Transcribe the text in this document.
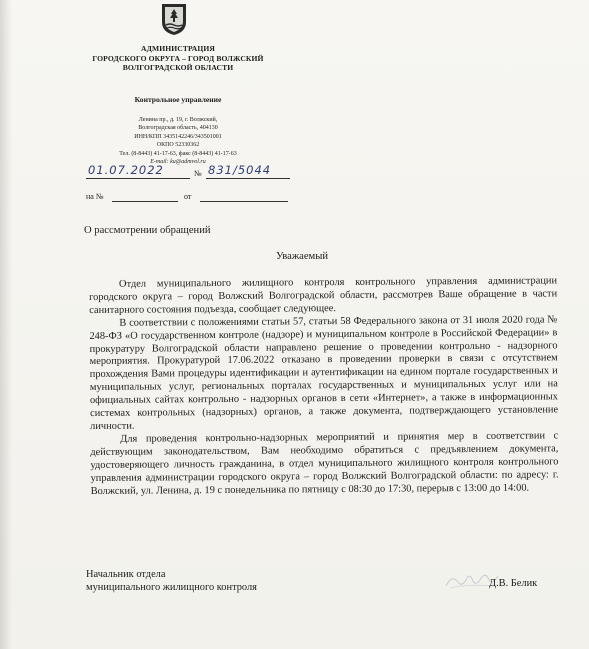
АДМИНИСТРАЦИЯ
ГОРОДСКОГО ОКРУГА – ГОРОД ВОЛЖСКИЙ
ВОЛГОГРАДСКОЙ ОБЛАСТИ
Контрольное управление
Ленина пр., д. 19, г. Волжский,
Волгоградская область, 404130
ИНН/КПП 3435142246/343501001
ОКПО 52330362
Тел. (8-8443) 41-17-63, факс (8-8443) 41-17-63
E-mail: ku@admvol.ru
01.07.2022	№ 831/5044
на №	от
О рассмотрении обращений
Уважаемый

Отдел муниципального жилищного контроля контрольного управления администрации городского округа – город Волжский Волгоградской области, рассмотрев Ваше обращение в части санитарного состояния подъезда, сообщает следующее.

В соответствии с положениями статьи 57, статьи 58 Федерального закона от 31 июля 2020 года № 248-ФЗ «О государственном контроле (надзоре) и муниципальном контроле в Российской Федерации» в прокуратуру Волгоградской области направлено решение о проведении контрольно - надзорного мероприятия. Прокуратурой 17.06.2022 отказано в проведении проверки в связи с отсутствием прохождения Вами процедуры идентификации и аутентификации на едином портале государственных и муниципальных услуг, региональных порталах государственных и муниципальных услуг или на официальных сайтах контрольно - надзорных органов в сети «Интернет», а также в информационных системах контрольных (надзорных) органов, а также документа, подтверждающего установление личности.

Для проведения контрольно-надзорных мероприятий и принятия мер в соответствии с действующим законодательством, Вам необходимо обратиться с предъявлением документа, удостоверяющего личность гражданина, в отдел муниципального жилищного контроля контрольного управления администрации городского округа – город Волжский Волгоградской области: по адресу: г. Волжский, ул. Ленина, д. 19 с понедельника по пятницу с 08:30 до 17:30, перерыв с 13:00 до 14:00.

Начальник отдела
муниципального жилищного контроля	Д.В. Белик
